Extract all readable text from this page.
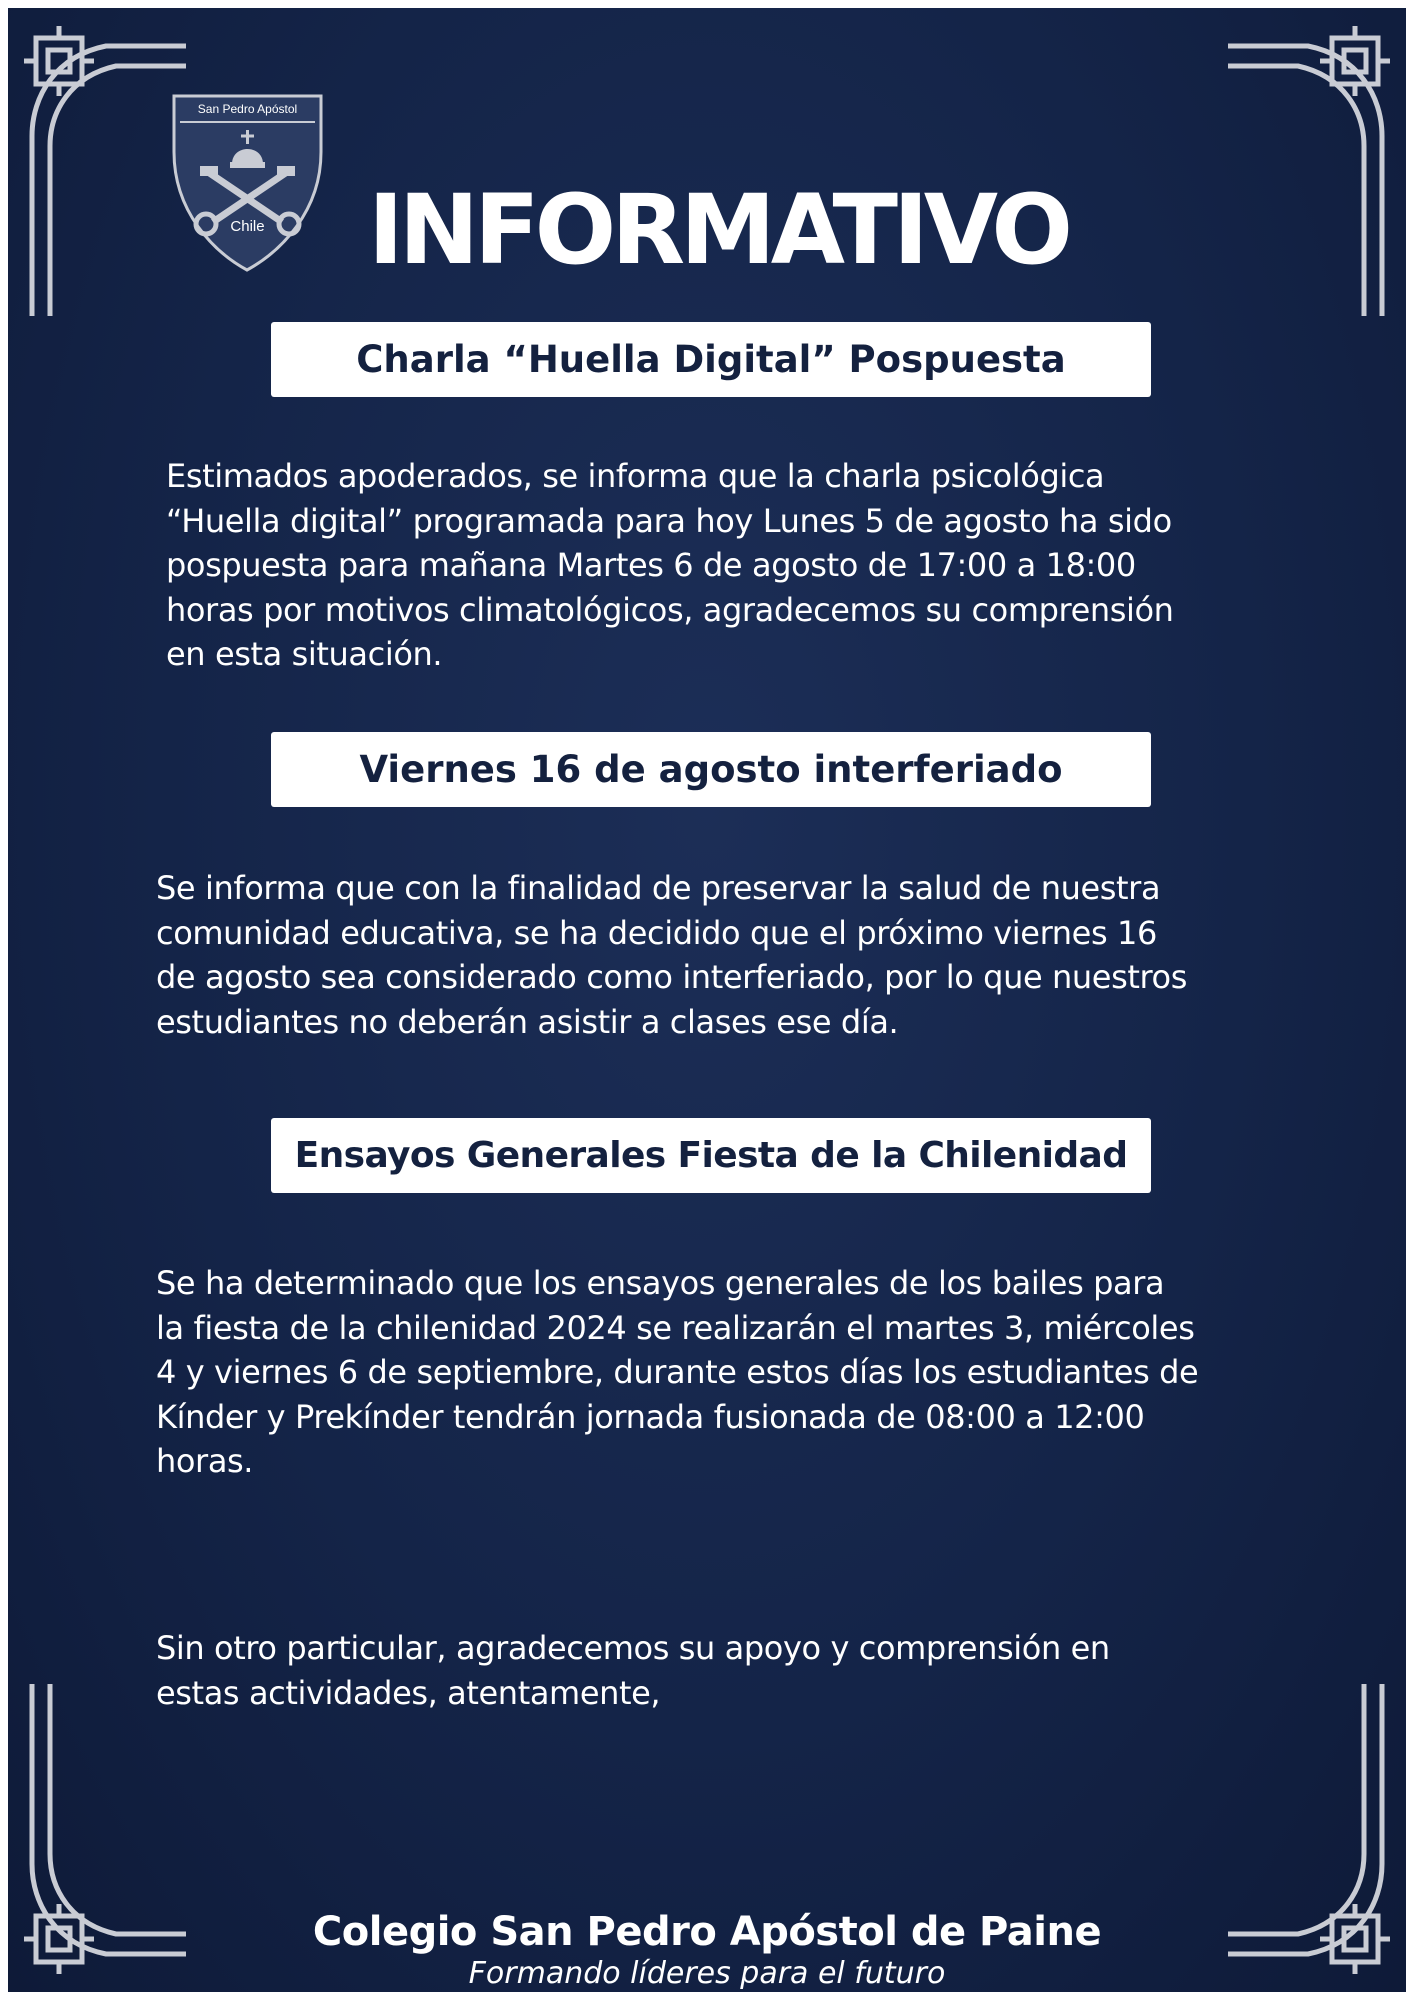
San Pedro Apóstol
Chile	INFORMATIVO
Charla “Huella Digital” Pospuesta
Estimados apoderados, se informa que la charla psicológica
“Huella digital” programada para hoy Lunes 5 de agosto ha sido
pospuesta para mañana Martes 6 de agosto de 17:00 a 18:00
horas por motivos climatológicos, agradecemos su comprensión
en esta situación.
Viernes 16 de agosto interferiado
Se informa que con la finalidad de preservar la salud de nuestra
comunidad educativa, se ha decidido que el próximo viernes 16
de agosto sea considerado como interferiado, por lo que nuestros
estudiantes no deberán asistir a clases ese día.
Ensayos Generales Fiesta de la Chilenidad
Se ha determinado que los ensayos generales de los bailes para
la fiesta de la chilenidad 2024 se realizarán el martes 3, miércoles
4 y viernes 6 de septiembre, durante estos días los estudiantes de
Kínder y Prekínder tendrán jornada fusionada de 08:00 a 12:00
horas.
Sin otro particular, agradecemos su apoyo y comprensión en
estas actividades, atentamente,
Colegio San Pedro Apóstol de Paine
Formando líderes para el futuro
